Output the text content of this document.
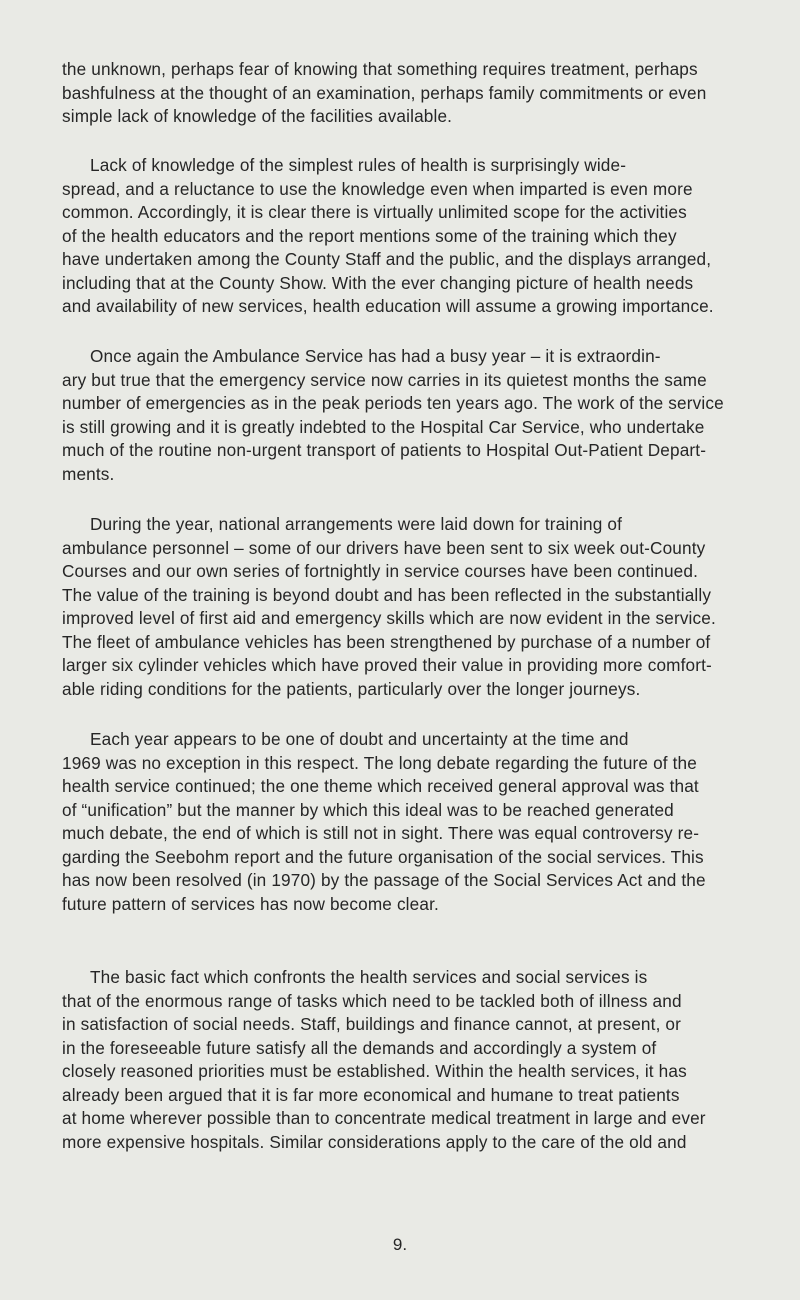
the unknown, perhaps fear of knowing that something requires treatment, perhaps
bashfulness at the thought of an examination, perhaps family commitments or even
simple lack of knowledge of the facilities available.
Lack of knowledge of the simplest rules of health is surprisingly wide-
spread, and a reluctance to use the knowledge even when imparted is even more
common. Accordingly, it is clear there is virtually unlimited scope for the activities
of the health educators and the report mentions some of the training which they
have undertaken among the County Staff and the public, and the displays arranged,
including that at the County Show. With the ever changing picture of health needs
and availability of new services, health education will assume a growing importance.
Once again the Ambulance Service has had a busy year – it is extraordin-
ary but true that the emergency service now carries in its quietest months the same
number of emergencies as in the peak periods ten years ago. The work of the service
is still growing and it is greatly indebted to the Hospital Car Service, who undertake
much of the routine non-urgent transport of patients to Hospital Out-Patient Depart-
ments.
During the year, national arrangements were laid down for training of
ambulance personnel – some of our drivers have been sent to six week out-County
Courses and our own series of fortnightly in service courses have been continued.
The value of the training is beyond doubt and has been reflected in the substantially
improved level of first aid and emergency skills which are now evident in the service.
The fleet of ambulance vehicles has been strengthened by purchase of a number of
larger six cylinder vehicles which have proved their value in providing more comfort-
able riding conditions for the patients, particularly over the longer journeys.
Each year appears to be one of doubt and uncertainty at the time and
1969 was no exception in this respect. The long debate regarding the future of the
health service continued; the one theme which received general approval was that
of “unification” but the manner by which this ideal was to be reached generated
much debate, the end of which is still not in sight. There was equal controversy re-
garding the Seebohm report and the future organisation of the social services. This
has now been resolved (in 1970) by the passage of the Social Services Act and the
future pattern of services has now become clear.
The basic fact which confronts the health services and social services is
that of the enormous range of tasks which need to be tackled both of illness and
in satisfaction of social needs. Staff, buildings and finance cannot, at present, or
in the foreseeable future satisfy all the demands and accordingly a system of
closely reasoned priorities must be established. Within the health services, it has
already been argued that it is far more economical and humane to treat patients
at home wherever possible than to concentrate medical treatment in large and ever
more expensive hospitals. Similar considerations apply to the care of the old and
9.
